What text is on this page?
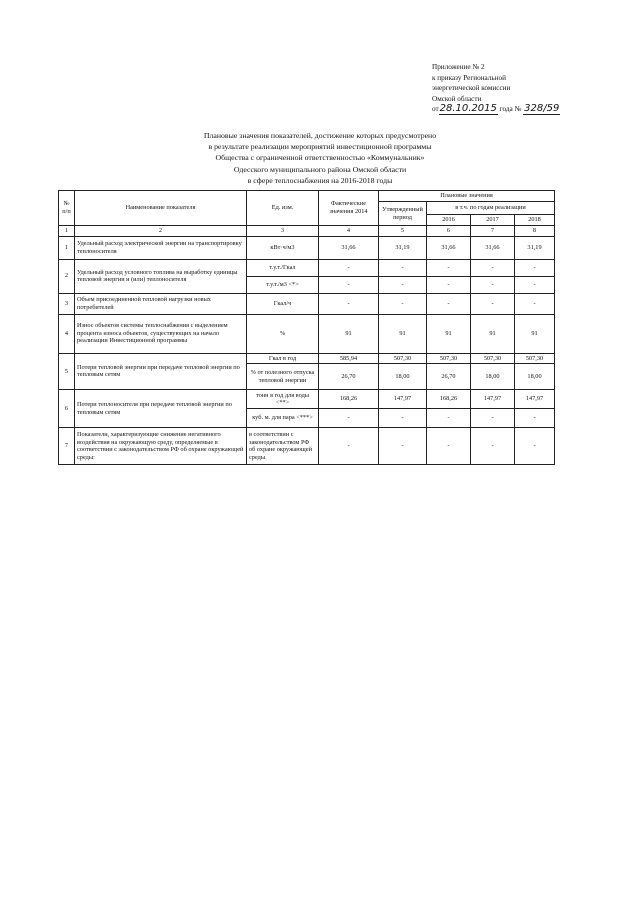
Приложение № 2
к приказу Региональной
энергетической комиссии
Омской области
от28.10.2015 года № 328/59
Плановые значения показателей, достижение которых предусмотрено
в результате реализации мероприятий инвестиционной программы
Общества с ограниченной ответственностью «Коммунальник»
Одесского муниципального района Омской области
в сфере теплоснабжения на 2016-2018 годы
№ п/п	Наименование показателя	Ед. изм.	Фактические значения 2014	Плановые значения			
				Утвержденный период	в т.ч. по годам реализации		
					2016	2017	2018
1	2	3	4	5	6	7	8
1	Удельный расход электрической энергии на транспортировку теплоносителя	кВт·ч/м3	31,66	31,19	31,66	31,66	31,19
2	Удельный расход условного топлива на выработку единицы тепловой энергии и (или) теплоносителя	т.у.т./Гкал	-	-	-	-	-
		т.у.т./м3 <*>	-	-	-	-	-
3	Объем присоединенной тепловой нагрузки новых потребителей	Гкал/ч	-	-	-	-	-
4	Износ объектов системы теплоснабжения с выделением процента износа объектов, существующих на начало реализации Инвестиционной программы	%	91	91	91	91	91
5	Потери тепловой энергии при передаче тепловой энергии по тепловым сетям	Гкал в год	585,94	507,30	507,30	507,30	507,30
		% от полезного отпуска тепловой энергии	26,70	18,00	26,70	18,00	18,00
6	Потери теплоносителя при передаче тепловой энергии по тепловым сетям	тонн в год для воды <**>	168,26	147,97	168,26	147,97	147,97
		куб. м. для пара <***>	-	-	-	-	-
7	Показатели, характеризующие снижение негативного воздействия на окружающую среду, определяемые в соответствии с законодательством РФ об охране окружающей среды:	в соответствии с законодательством РФ об охране окружающей среды	-	-	-	-	-
